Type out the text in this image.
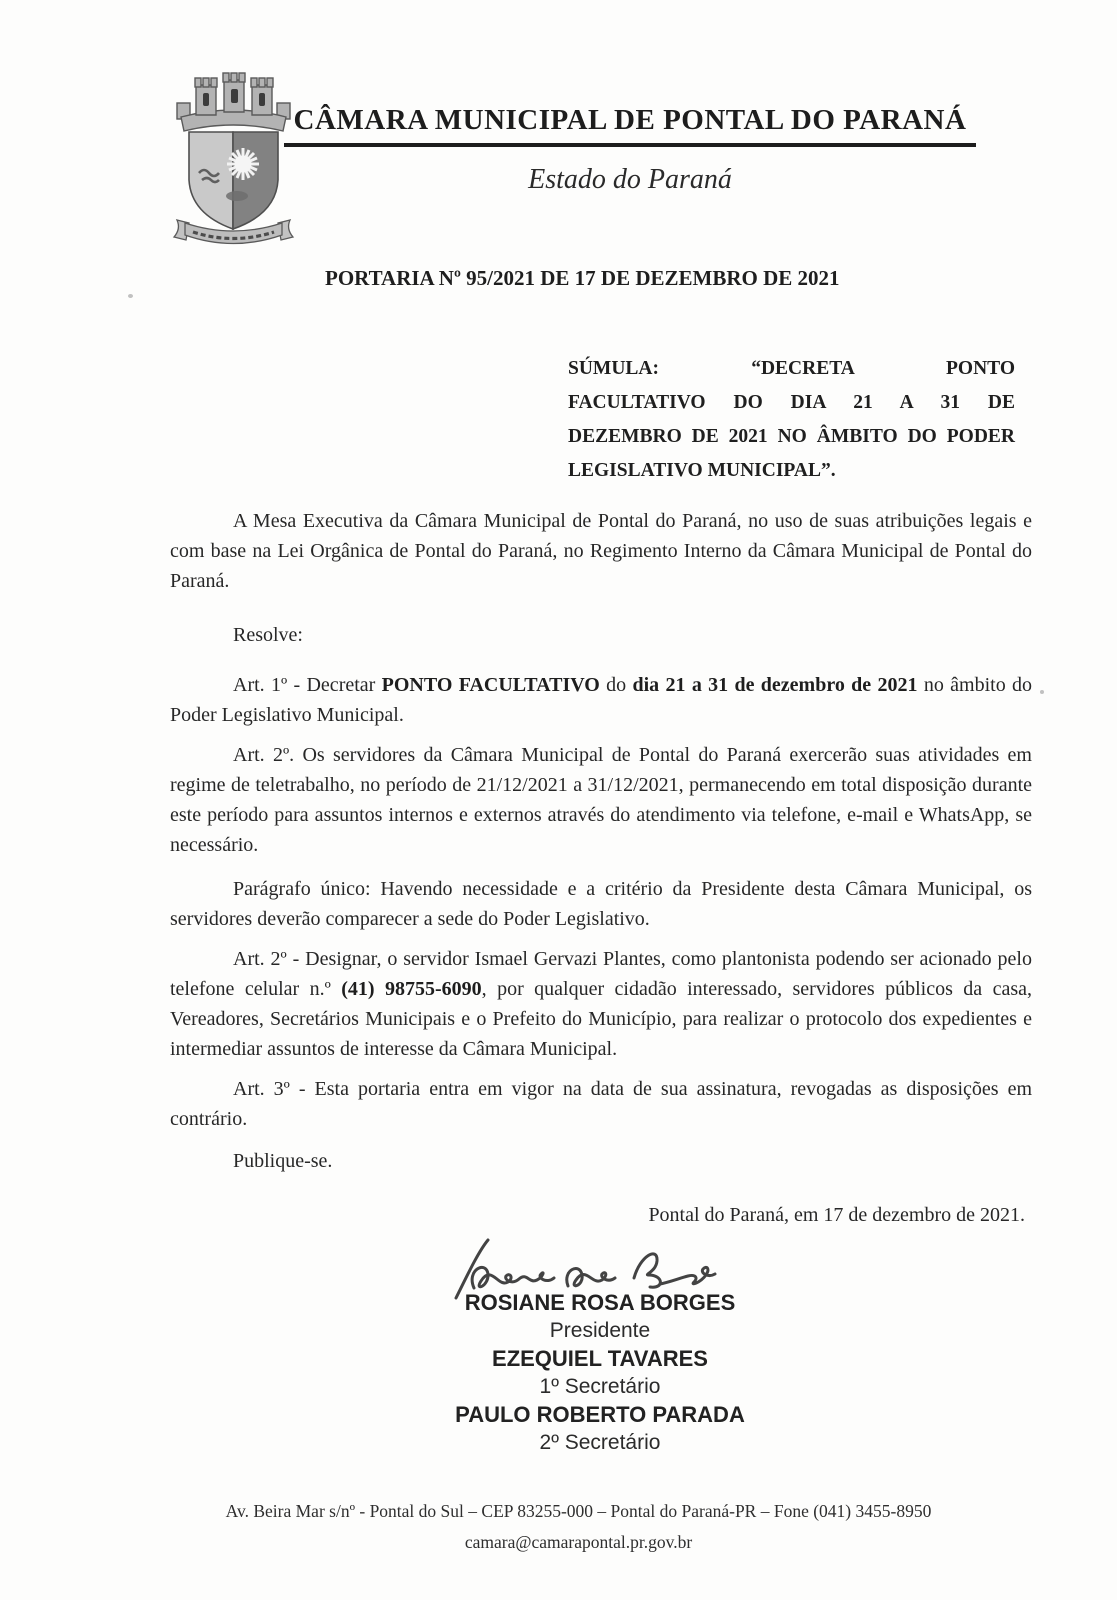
CÂMARA MUNICIPAL DE PONTAL DO PARANÁ
Estado do Paraná
PORTARIA Nº 95/2021 DE 17 DE DEZEMBRO DE 2021
SÚMULA: “DECRETA PONTO
FACULTATIVO DO DIA 21 A 31 DE
DEZEMBRO DE 2021 NO ÂMBITO DO PODER
LEGISLATIVO MUNICIPAL”.
A Mesa Executiva da Câmara Municipal de Pontal do Paraná, no uso de suas atribuições legais e com base na Lei Orgânica de Pontal do Paraná, no Regimento Interno da Câmara Municipal de Pontal do Paraná.
Resolve:
Art. 1º - Decretar PONTO FACULTATIVO do dia 21 a 31 de dezembro de 2021 no âmbito do Poder Legislativo Municipal.
Art. 2º. Os servidores da Câmara Municipal de Pontal do Paraná exercerão suas atividades em regime de teletrabalho, no período de 21/12/2021 a 31/12/2021, permanecendo em total disposição durante este período para assuntos internos e externos através do atendimento via telefone, e-mail e WhatsApp, se necessário.
Parágrafo único: Havendo necessidade e a critério da Presidente desta Câmara Municipal, os servidores deverão comparecer a sede do Poder Legislativo.
Art. 2º - Designar, o servidor Ismael Gervazi Plantes, como plantonista podendo ser acionado pelo telefone celular n.º (41) 98755-6090, por qualquer cidadão interessado, servidores públicos da casa, Vereadores, Secretários Municipais e o Prefeito do Município, para realizar o protocolo dos expedientes e intermediar assuntos de interesse da Câmara Municipal.
Art. 3º - Esta portaria entra em vigor na data de sua assinatura, revogadas as disposições em contrário.
Publique-se.
Pontal do Paraná, em 17 de dezembro de 2021.
ROSIANE ROSA BORGES
Presidente
EZEQUIEL TAVARES
1º Secretário
PAULO ROBERTO PARADA
2º Secretário
Av. Beira Mar s/nº - Pontal do Sul – CEP 83255-000 – Pontal do Paraná-PR – Fone (041) 3455-8950
camara@camarapontal.pr.gov.br
